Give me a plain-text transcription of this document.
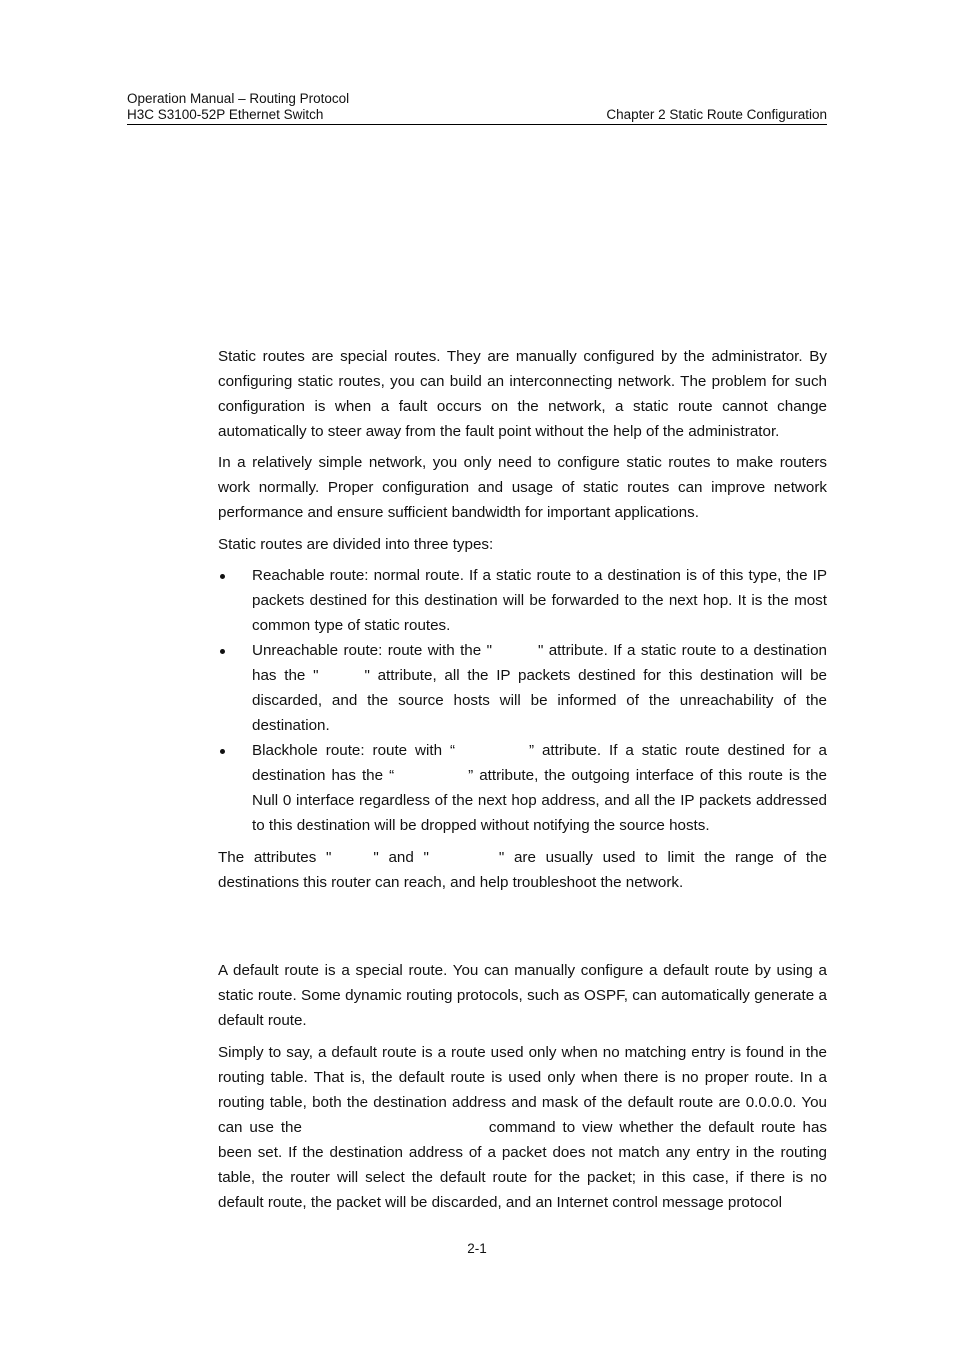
Operation Manual – Routing Protocol
H3C S3100-52P Ethernet Switch	Chapter 2 Static Route Configuration

Static routes are special routes. They are manually configured by the administrator. By configuring static routes, you can build an interconnecting network. The problem for such configuration is when a fault occurs on the network, a static route cannot change automatically to steer away from the fault point without the help of the administrator.

In a relatively simple network, you only need to configure static routes to make routers work normally. Proper configuration and usage of static routes can improve network performance and ensure sufficient bandwidth for important applications.

Static routes are divided into three types:

Reachable route: normal route. If a static route to a destination is of this type, the IP packets destined for this destination will be forwarded to the next hop. It is the most common type of static routes.

Unreachable route: route with the "	" attribute. If a static route to a destination has the "	" attribute, all the IP packets destined for this destination will be discarded, and the source hosts will be informed of the unreachability of the destination.

Blackhole route: route with “	” attribute. If a static route destined for a destination has the “	” attribute, the outgoing interface of this route is the Null 0 interface regardless of the next hop address, and all the IP packets addressed to this destination will be dropped without notifying the source hosts.

The attributes "	" and "	" are usually used to limit the range of the destinations this router can reach, and help troubleshoot the network.

A default route is a special route. You can manually configure a default route by using a static route. Some dynamic routing protocols, such as OSPF, can automatically generate a default route.

Simply to say, a default route is a route used only when no matching entry is found in the routing table. That is, the default route is used only when there is no proper route. In a routing table, both the destination address and mask of the default route are 0.0.0.0. You can use the	command to view whether the default route has been set. If the destination address of a packet does not match any entry in the routing table, the router will select the default route for the packet; in this case, if there is no default route, the packet will be discarded, and an Internet control message protocol

2-1
